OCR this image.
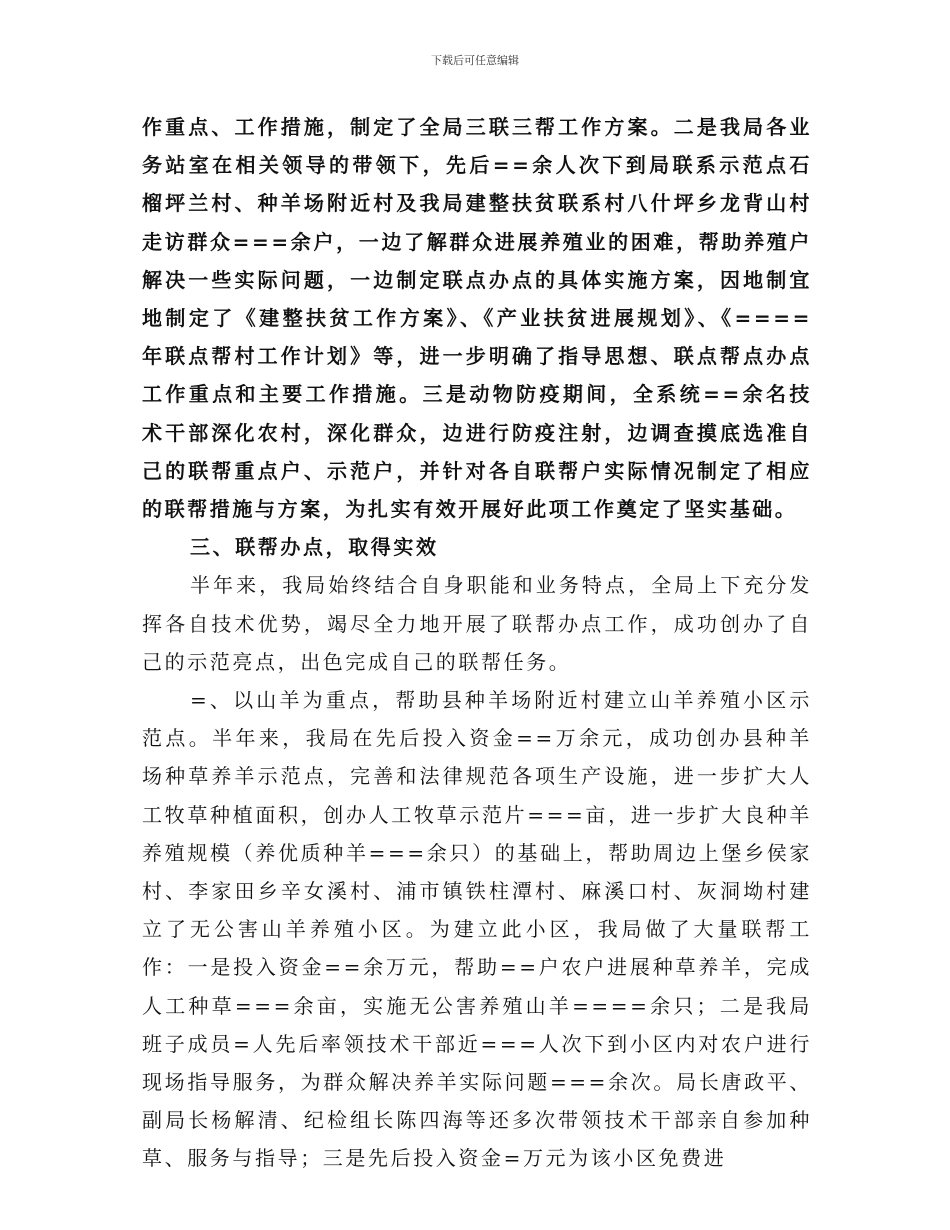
下载后可任意编辑

作重点、工作措施，制定了全局三联三帮工作方案。二是我局各业务站室在相关领导的带领下，先后==余人次下到局联系示范点石榴坪兰村、种羊场附近村及我局建整扶贫联系村八什坪乡龙背山村走访群众===余户，一边了解群众进展养殖业的困难，帮助养殖户解决一些实际问题，一边制定联点办点的具体实施方案，因地制宜地制定了《建整扶贫工作方案》、《产业扶贫进展规划》、《====年联点帮村工作计划》等，进一步明确了指导思想、联点帮点办点工作重点和主要工作措施。三是动物防疫期间，全系统==余名技术干部深化农村，深化群众，边进行防疫注射，边调查摸底选准自己的联帮重点户、示范户，并针对各自联帮户实际情况制定了相应的联帮措施与方案，为扎实有效开展好此项工作奠定了坚实基础。

三、联帮办点，取得实效

半年来，我局始终结合自身职能和业务特点，全局上下充分发挥各自技术优势，竭尽全力地开展了联帮办点工作，成功创办了自己的示范亮点，出色完成自己的联帮任务。

=、以山羊为重点，帮助县种羊场附近村建立山羊养殖小区示范点。半年来，我局在先后投入资金==万余元，成功创办县种羊场种草养羊示范点，完善和法律规范各项生产设施，进一步扩大人工牧草种植面积，创办人工牧草示范片===亩，进一步扩大良种羊养殖规模（养优质种羊===余只）的基础上，帮助周边上堡乡侯家村、李家田乡辛女溪村、浦市镇铁柱潭村、麻溪口村、灰洞坳村建立了无公害山羊养殖小区。为建立此小区，我局做了大量联帮工作：一是投入资金==余万元，帮助==户农户进展种草养羊，完成人工种草===余亩，实施无公害养殖山羊====余只；二是我局班子成员=人先后率领技术干部近===人次下到小区内对农户进行现场指导服务，为群众解决养羊实际问题===余次。局长唐政平、副局长杨解清、纪检组长陈四海等还多次带领技术干部亲自参加种草、服务与指导；三是先后投入资金=万元为该小区免费进
